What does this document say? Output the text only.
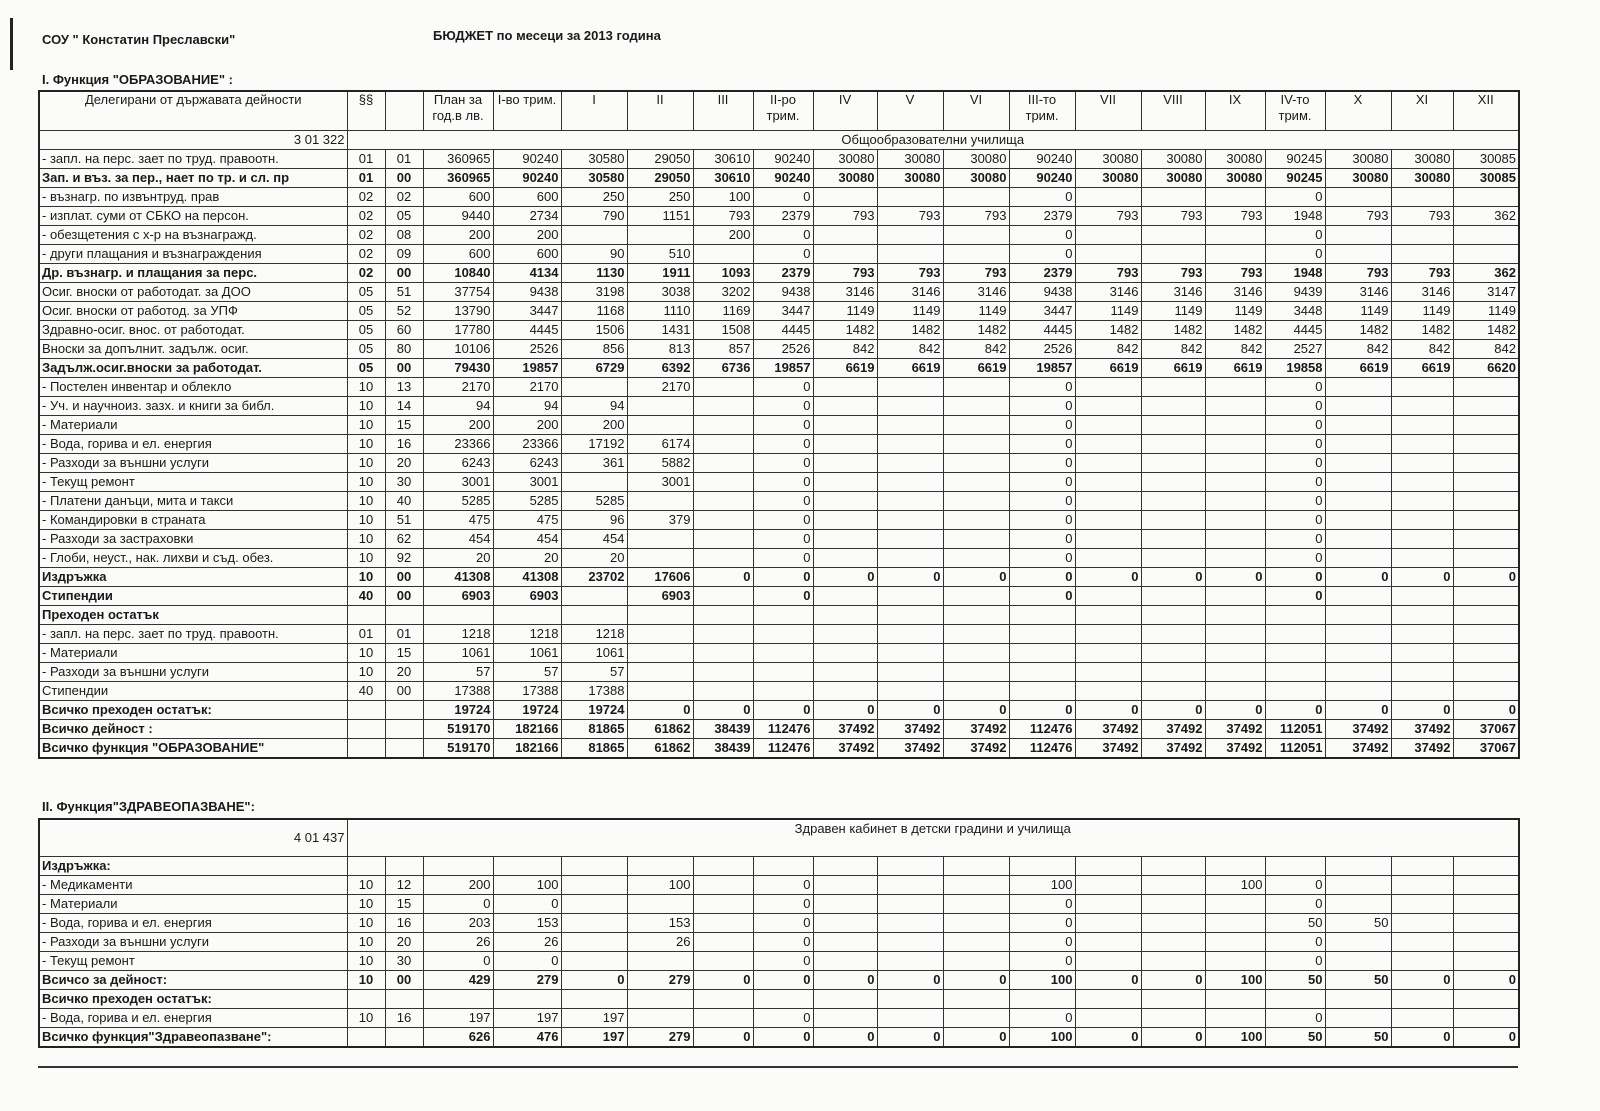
СОУ " Констатин Преславски"	БЮДЖЕТ по месеци за 2013 година
I. Функция "ОБРАЗОВАНИЕ" :
Делегирани от държавата дейности	§§		План за год.в лв.	I-во трим.	I	II	III	II-ро трим.	IV	V	VI	III-то трим.	VII	VIII	IX	IV-то трим.	X	XI	XII
3 01 322	Общообразователни училища																		
- запл. на перс. зает по труд. правоотн.	01	01	360965	90240	30580	29050	30610	90240	30080	30080	30080	90240	30080	30080	30080	90245	30080	30080	30085
Зап. и въз. за пер., нает по тр. и сл. пр	01	00	360965	90240	30580	29050	30610	90240	30080	30080	30080	90240	30080	30080	30080	90245	30080	30080	30085
- възнагр. по извънтруд. прав	02	02	600	600	250	250	100	0				0				0			
- изплат. суми от СБКО на персон.	02	05	9440	2734	790	1151	793	2379	793	793	793	2379	793	793	793	1948	793	793	362
- обезщетения с х-р на възнагражд.	02	08	200	200			200	0				0				0			
- други плащания и възнаграждения	02	09	600	600	90	510		0				0				0			
Др. възнагр. и плащания за перс.	02	00	10840	4134	1130	1911	1093	2379	793	793	793	2379	793	793	793	1948	793	793	362
Осиг. вноски от работодат. за ДОО	05	51	37754	9438	3198	3038	3202	9438	3146	3146	3146	9438	3146	3146	3146	9439	3146	3146	3147
Осиг. вноски от работод. за УПФ	05	52	13790	3447	1168	1110	1169	3447	1149	1149	1149	3447	1149	1149	1149	3448	1149	1149	1149
Здравно-осиг. внос. от работодат.	05	60	17780	4445	1506	1431	1508	4445	1482	1482	1482	4445	1482	1482	1482	4445	1482	1482	1482
Вноски за допълнит. задълж. осиг.	05	80	10106	2526	856	813	857	2526	842	842	842	2526	842	842	842	2527	842	842	842
Задълж.осиг.вноски за работодат.	05	00	79430	19857	6729	6392	6736	19857	6619	6619	6619	19857	6619	6619	6619	19858	6619	6619	6620
- Постелен инвентар и облекло	10	13	2170	2170		2170		0				0				0			
- Уч. и научноиз. зазх. и книги за библ.	10	14	94	94	94			0				0				0			
- Материали	10	15	200	200	200			0				0				0			
- Вода, горива и ел. енергия	10	16	23366	23366	17192	6174		0				0				0			
- Разходи за външни услуги	10	20	6243	6243	361	5882		0				0				0			
- Текущ ремонт	10	30	3001	3001		3001		0				0				0			
- Платени данъци, мита и такси	10	40	5285	5285	5285			0				0				0			
- Командировки в страната	10	51	475	475	96	379		0				0				0			
- Разходи за застраховки	10	62	454	454	454			0				0				0			
- Глоби, неуст., нак. лихви и съд. обез.	10	92	20	20	20			0				0				0			
Издръжка	10	00	41308	41308	23702	17606	0	0	0	0	0	0	0	0	0	0	0	0	0
Стипендии	40	00	6903	6903		6903		0				0				0			
Преходен остатък																			
- запл. на перс. зает по труд. правоотн.	01	01	1218	1218	1218														
- Материали	10	15	1061	1061	1061														
- Разходи за външни услуги	10	20	57	57	57														
Стипендии	40	00	17388	17388	17388														
Всичко преходен остатък:			19724	19724	19724	0	0	0	0	0	0	0	0	0	0	0	0	0	0
Всичко дейност :			519170	182166	81865	61862	38439	112476	37492	37492	37492	112476	37492	37492	37492	112051	37492	37492	37067
Всичко функция "ОБРАЗОВАНИЕ"			519170	182166	81865	61862	38439	112476	37492	37492	37492	112476	37492	37492	37492	112051	37492	37492	37067
II. Функция"ЗДРАВЕОПАЗВАНЕ":
4 01 437	Здравен кабинет в детски градини и училища																		
Издръжка:																			
- Медикаменти	10	12	200	100		100		0				100			100	0			
- Материали	10	15	0	0				0				0				0			
- Вода, горива и ел. енергия	10	16	203	153		153		0				0				50	50		
- Разходи за външни услуги	10	20	26	26		26		0				0				0			
- Текущ ремонт	10	30	0	0				0				0				0			
Всичсо за дейност:	10	00	429	279	0	279	0	0	0	0	0	100	0	0	100	50	50	0	0
Всичко преходен остатък:																			
- Вода, горива и ел. енергия	10	16	197	197	197			0				0				0			
Всичко функция"Здравеопазване":			626	476	197	279	0	0	0	0	0	100	0	0	100	50	50	0	0
